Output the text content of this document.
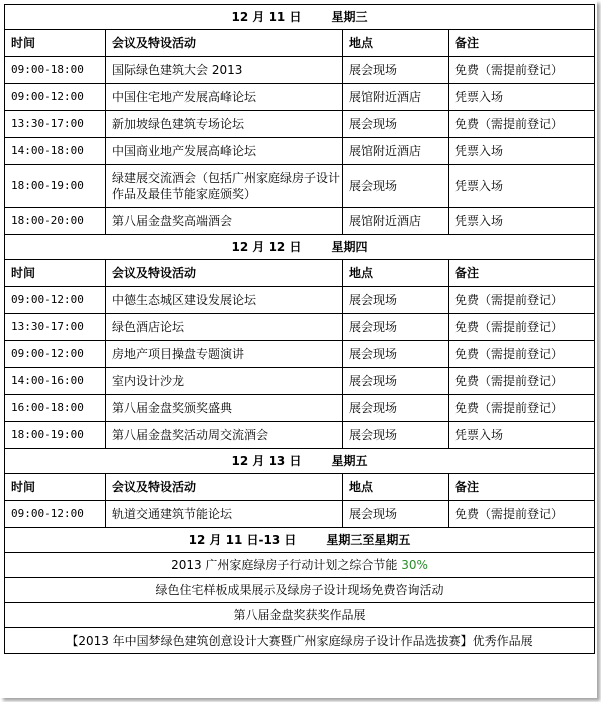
12 月 11 日 星期三			
时间	会议及特设活动	地点	备注
09:00-18:00	国际绿色建筑大会 2013	展会现场	免费（需提前登记）
09:00-12:00	中国住宅地产发展高峰论坛	展馆附近酒店	凭票入场
13:30-17:00	新加坡绿色建筑专场论坛	展会现场	免费（需提前登记）
14:00-18:00	中国商业地产发展高峰论坛	展馆附近酒店	凭票入场
18:00-19:00	绿建展交流酒会（包括广州家庭绿房子设计作品及最佳节能家庭颁奖）	展会现场	凭票入场
18:00-20:00	第八届金盘奖高端酒会	展馆附近酒店	凭票入场
12 月 12 日 星期四			
时间	会议及特设活动	地点	备注
09:00-12:00	中德生态城区建设发展论坛	展会现场	免费（需提前登记）
13:30-17:00	绿色酒店论坛	展会现场	免费（需提前登记）
09:00-12:00	房地产项目操盘专题演讲	展会现场	免费（需提前登记）
14:00-16:00	室内设计沙龙	展会现场	免费（需提前登记）
16:00-18:00	第八届金盘奖颁奖盛典	展会现场	免费（需提前登记）
18:00-19:00	第八届金盘奖活动周交流酒会	展会现场	凭票入场
12 月 13 日 星期五			
时间	会议及特设活动	地点	备注
09:00-12:00	轨道交通建筑节能论坛	展会现场	免费（需提前登记）
12 月 11 日-13 日 星期三至星期五			
2013 广州家庭绿房子行动计划之综合节能 30%			
绿色住宅样板成果展示及绿房子设计现场免费咨询活动			
第八届金盘奖获奖作品展			
【2013 年中国梦绿色建筑创意设计大赛暨广州家庭绿房子设计作品选拔赛】优秀作品展			
